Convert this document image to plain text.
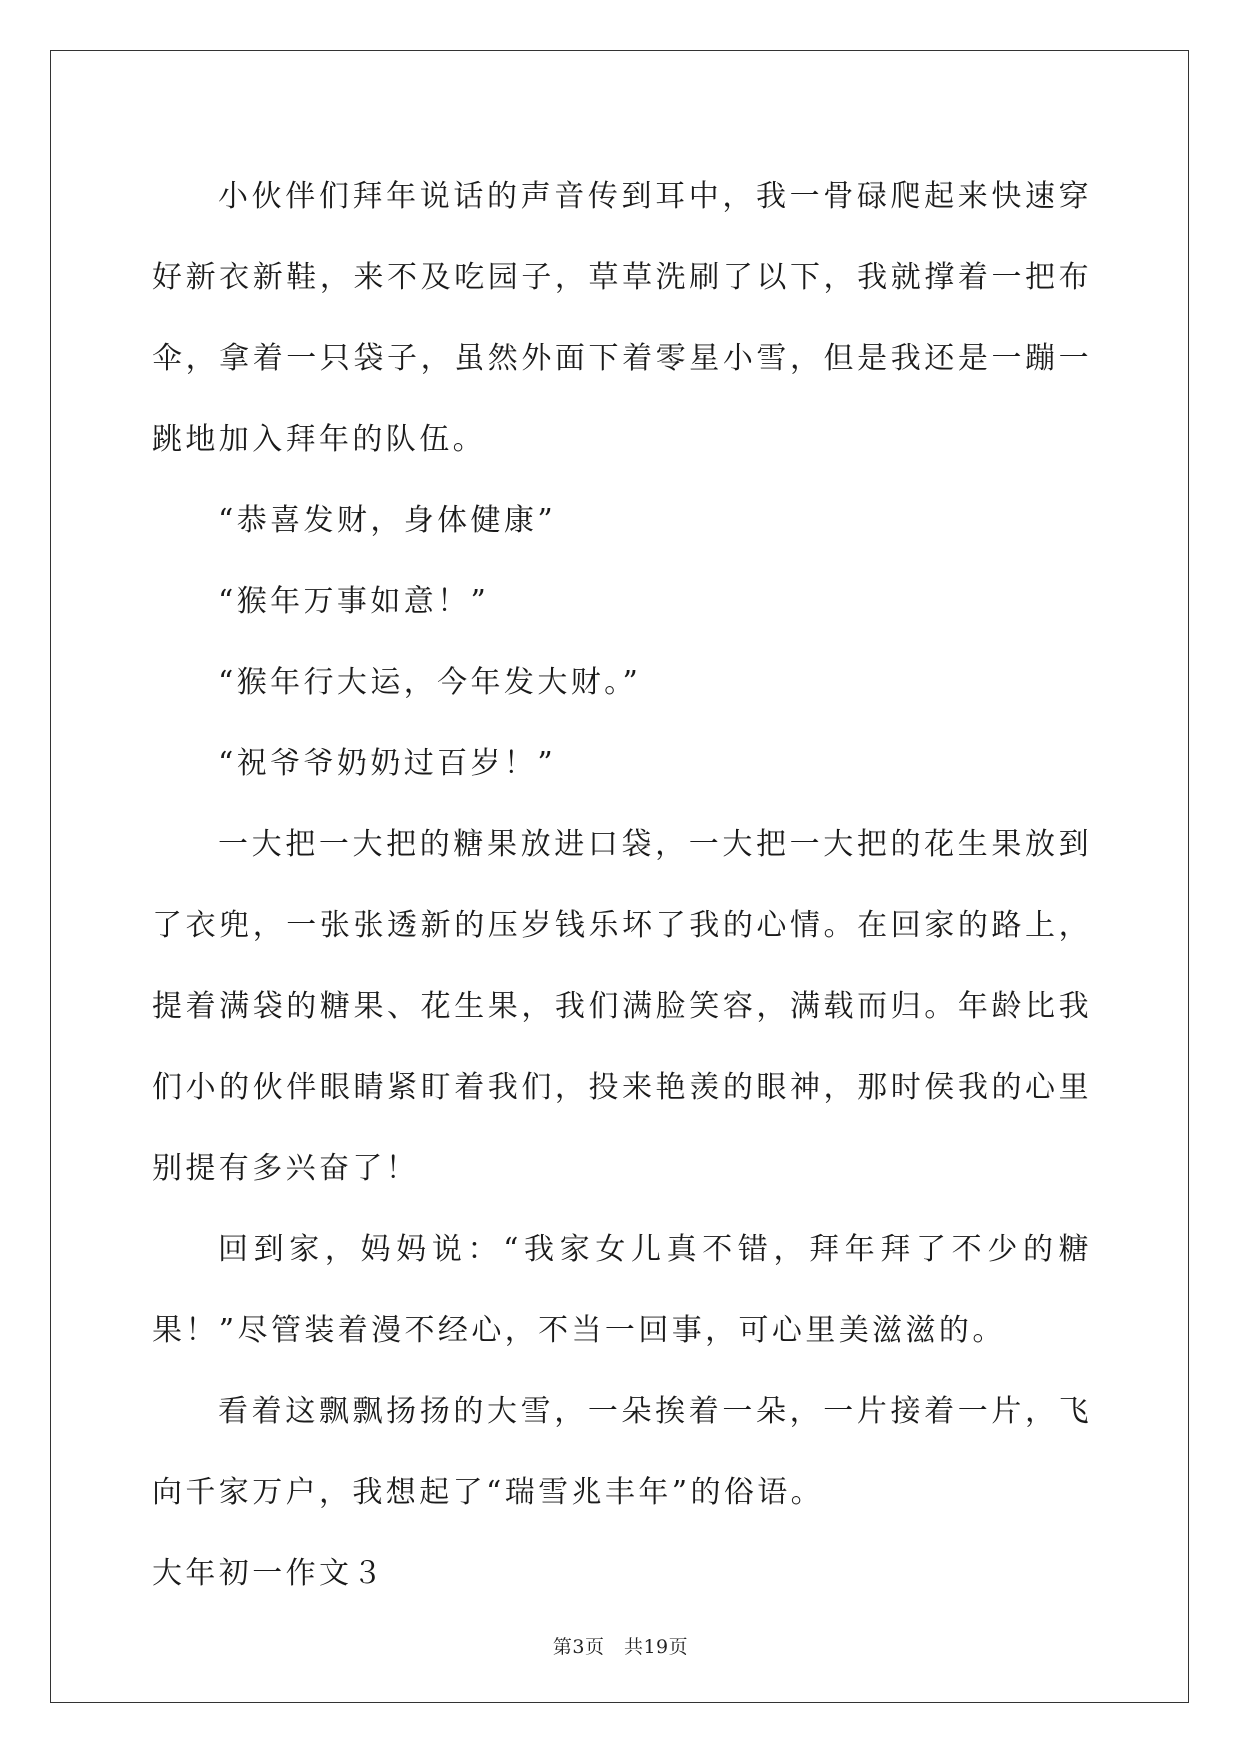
小伙伴们拜年说话的声音传到耳中，我一骨碌爬起来快速穿好新衣新鞋，来不及吃园子，草草洗刷了以下，我就撑着一把布伞，拿着一只袋子，虽然外面下着零星小雪，但是我还是一蹦一跳地加入拜年的队伍。

“恭喜发财，身体健康”

“猴年万事如意！”

“猴年行大运，今年发大财。”

“祝爷爷奶奶过百岁！”

一大把一大把的糖果放进口袋，一大把一大把的花生果放到了衣兜，一张张透新的压岁钱乐坏了我的心情。在回家的路上，提着满袋的糖果、花生果，我们满脸笑容，满载而归。年龄比我们小的伙伴眼睛紧盯着我们，投来艳羡的眼神，那时侯我的心里别提有多兴奋了！

回到家，妈妈说：“我家女儿真不错，拜年拜了不少的糖果！”尽管装着漫不经心，不当一回事，可心里美滋滋的。

看着这飘飘扬扬的大雪，一朵挨着一朵，一片接着一片，飞向千家万户，我想起了“瑞雪兆丰年”的俗语。

大年初一作文３

第3页　共19页
